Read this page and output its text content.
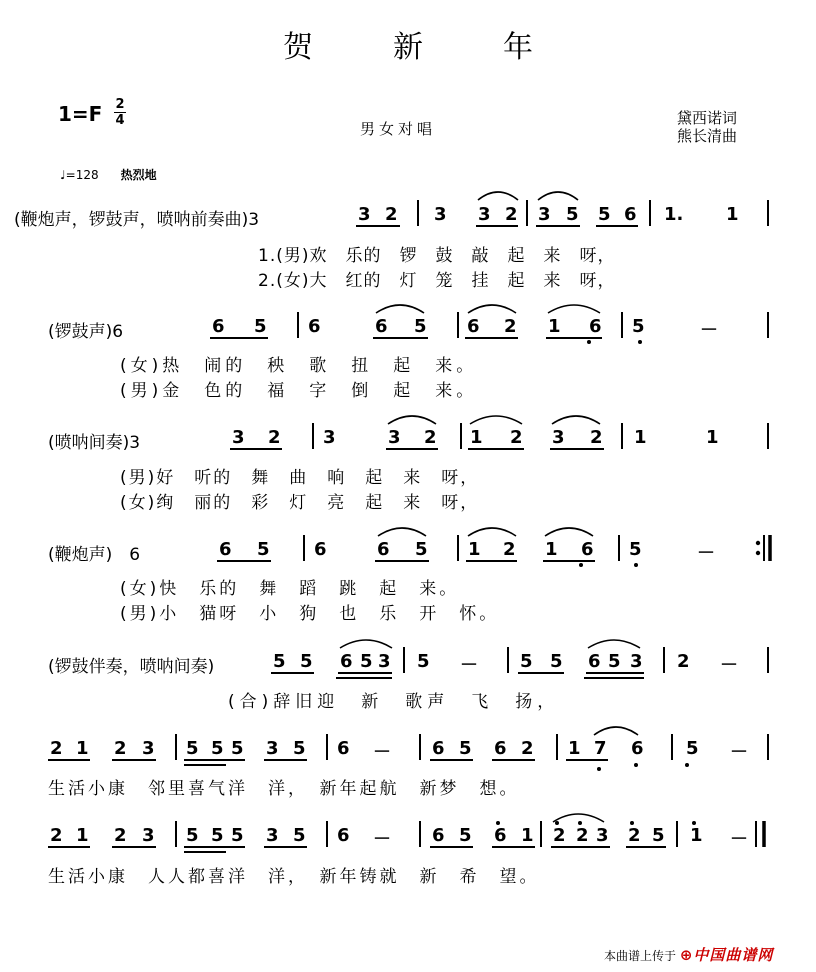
贺	新	年
1=F 2
4	男女对唱
黛西诺词
熊长清曲
♩=128 热烈地
(鞭炮声，锣鼓声，喷呐前奏曲)3	3 2 3 3 2 3 5 5 6 1. 1
1.(男)欢　乐的　锣　鼓　敲　起　来　呀，
2.(女)大　红的　灯　笼　挂　起　来　呀，
(锣鼓声)6	6 5 6	6 5 6 2 1 6 5	－
(女)热　闹的　秧　歌　扭　起　来。
(男)金　色的　福　字　倒　起　来。
(喷呐间奏)3	3 2 3	3 2 1 2 3 2 1	1
(男)好　听的　舞　曲　响　起　来　呀，
(女)绚　丽的　彩　灯　亮　起　来　呀，
(鞭炮声)　6	6 5 6	6 5 1 2 1 6 5	－
(女)快　乐的　舞　蹈　跳　起　来。
(男)小　猫呀　小　狗　也　乐　开　怀。
(锣鼓伴奏，喷呐间奏)	5 5 6 5 3 5 － 5 5 6 5 3 2 －
(合)辞旧迎　新　歌声　飞　扬，
2 1 2 3 5 5 5 3 5 6 － 6 5 6 2 1 7 6 5 －
生活小康　邻里喜气洋　洋，　新年起航　新梦　想。
2 1 2 3 5 5 5 3 5 6 － 6 5 6 1 2 2 3 2 5 1 －
生活小康　人人都喜洋　洋，　新年铸就　新　希　望。
本曲谱上传于 ⊕中国曲谱网
